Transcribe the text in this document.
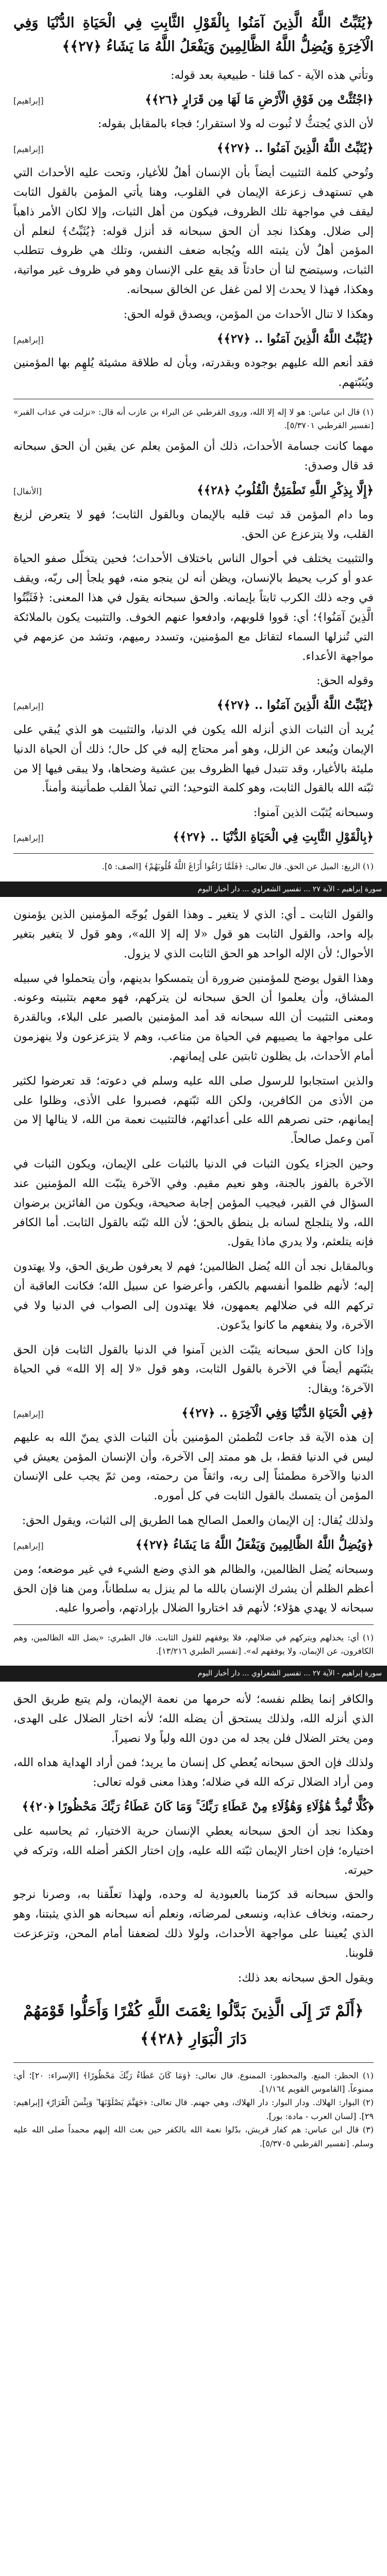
﴿يُثَبِّتُ اللَّهُ الَّذِينَ آمَنُوا بِالْقَوْلِ الثَّابِتِ فِي الْحَيَاةِ الدُّنْيَا وَفِي الْآخِرَةِ وَيُضِلُّ اللَّهُ الظَّالِمِينَ وَيَفْعَلُ اللَّهُ مَا يَشَاءُ ﴿٢٧﴾﴾
وتأتي هذه الآية - كما قلنا - طبيعية بعد قوله:
﴿اجْتُثَّتْ مِن فَوْقِ الْأَرْضِ مَا لَهَا مِن قَرَارٍ ﴿٢٦﴾﴾
[إبراهيم]
لأن الذي يُجتثُّ لا ثُبوت له ولا استقرار؛ فجاء بالمقابل بقوله:
﴿يُثَبِّتُ اللَّهُ الَّذِينَ آمَنُوا .. ﴿٢٧﴾﴾
[إبراهيم]
وتُوحي كلمة التثبيت أيضاً بأن الإنسان أهلٌ للأغيار، وتحت عليه الأحداث التي هي تستهدف زعزعة الإيمان في القلوب، وهنا يأتي المؤمن بالقول الثابت ليقف في مواجهة تلك الظروف، فيكون من أهل الثبات، وإلا لكان الأمر ذاهباً إلى ضلال. وهكذا نجد أن الحق سبحانه قد أنزل قوله: ﴿يُثَبِّتُ﴾ لنعلم أن المؤمن أهلٌ لأن يثبته الله ويُجابه ضعف النفس، وتلك هي ظروف تتطلب الثبات، وسيتضح لنا أن حادثاً قد يقع على الإنسان وهو في ظروف غير مواتية، وهكذا، فهذا لا يحدث إلا لمن غفل عن الخالق سبحانه.
وهكذا لا تنال الأحداث من المؤمن، ويصدق قوله الحق:
﴿يُثَبِّتُ اللَّهُ الَّذِينَ آمَنُوا .. ﴿٢٧﴾﴾
[إبراهيم]
فقد أنعم الله عليهم بوجوده وبقدرته، وبأن له طلاقة مشيئة يُلهِم بها المؤمنين ويُثبّتهم.
(١) قال ابن عباس: هو لا إله إلا الله، وروى القرطبي عن البراء بن عازب أنه قال: «نزلت في عذاب القبر» [تفسير القرطبي ٥/٣٧٠١].
مهما كانت جسامة الأحداث، ذلك أن المؤمن يعلم عن يقين أن الحق سبحانه قد قال وصدق:
﴿إِلَّا بِذِكْرِ اللَّهِ تَطْمَئِنُّ الْقُلُوبُ ﴿٢٨﴾﴾
[الأنفال]
وما دام المؤمن قد ثبت قلبه بالإيمان وبالقول الثابت؛ فهو لا يتعرض لزيغ القلب، ولا يتزعزع عن الحق.
والتثبيت يختلف في أحوال الناس باختلاف الأحداث؛ فحين يتخلّل صفو الحياة عدو أو كرب يحيط بالإنسان، ويظن أنه لن ينجو منه، فهو يلجأ إلى ربّه، ويقف في وجه ذلك الكرب ثابتاً بإيمانه. والحق سبحانه يقول في هذا المعنى: ﴿فَثَبِّتُوا الَّذِينَ آمَنُوا﴾؛ أي: قووا قلوبهم، وادفعوا عنهم الخوف. والتثبيت يكون بالملائكة التي تُنزلها السماء لتقاتل مع المؤمنين، وتسدد رميهم، وتشد من عزمهم في مواجهة الأعداء.
وقوله الحق:
﴿يُثَبِّتُ اللَّهُ الَّذِينَ آمَنُوا .. ﴿٢٧﴾﴾
[إبراهيم]
يُريد أن الثبات الذي أنزله الله يكون في الدنيا، والتثبيت هو الذي يُبقي على الإيمان ويُبعد عن الزلل، وهو أمر محتاج إليه في كل حال؛ ذلك أن الحياة الدنيا مليئة بالأغيار، وقد تتبدل فيها الظروف بين عشية وضحاها، ولا يبقى فيها إلا من ثبّته الله بالقول الثابت، وهو كلمة التوحيد؛ التي تملأ القلب طمأنينة وأمناً.
وسبحانه يُثبّت الذين آمنوا:
﴿بِالْقَوْلِ الثَّابِتِ فِي الْحَيَاةِ الدُّنْيَا .. ﴿٢٧﴾﴾
[إبراهيم]
(١) الزيغ: الميل عن الحق. قال تعالى: ﴿فَلَمَّا زَاغُوا أَزَاغَ اللَّهُ قُلُوبَهُمْ﴾ [الصف: ٥].
سورة إبراهيم - الآية ٢٧ ... تفسير الشعراوي ... دار أخبار اليوم
والقول الثابت ـ أي: الذي لا يتغير ـ وهذا القول يُوجّه المؤمنين الذين يؤمنون بإله واحد، والقول الثابت هو قول «لا إله إلا الله»، وهو قول لا يتغير بتغير الأحوال؛ لأن الإله الواحد هو الحق الثابت الذي لا يزول.
وهذا القول يوضح للمؤمنين ضرورة أن يتمسكوا بدينهم، وأن يتحملوا في سبيله المشاق، وأن يعلموا أن الحق سبحانه لن يتركهم، فهو معهم بتثبيته وعونه. ومعنى التثبيت أن الله سبحانه قد أمد المؤمنين بالصبر على البلاء، وبالقدرة على مواجهة ما يصيبهم في الحياة من متاعب، وهم لا يتزعزعون ولا ينهزمون أمام الأحداث، بل يظلون ثابتين على إيمانهم.
والذين استجابوا للرسول صلى الله عليه وسلم في دعوته؛ قد تعرضوا لكثير من الأذى من الكافرين، ولكن الله ثبّتهم، فصبروا على الأذى، وظلوا على إيمانهم، حتى نصرهم الله على أعدائهم، فالتثبيت نعمة من الله، لا ينالها إلا من آمن وعمل صالحاً.
وحين الجزاء يكون الثبات في الدنيا بالثبات على الإيمان، ويكون الثبات في الآخرة بالفوز بالجنة، وهو نعيم مقيم. وفي الآخرة يثبّت الله المؤمنين عند السؤال في القبر، فيجيب المؤمن إجابة صحيحة، ويكون من الفائزين برضوان الله، ولا يتلجلج لسانه بل ينطق بالحق؛ لأن الله ثبّته بالقول الثابت. أما الكافر فإنه يتلعثم، ولا يدري ماذا يقول.
وبالمقابل نجد أن الله يُضل الظالمين؛ فهم لا يعرفون طريق الحق، ولا يهتدون إليه؛ لأنهم ظلموا أنفسهم بالكفر، وأعرضوا عن سبيل الله؛ فكانت العاقبة أن تركهم الله في ضلالهم يعمهون، فلا يهتدون إلى الصواب في الدنيا ولا في الآخرة، ولا ينفعهم ما كانوا يدّعون.
وإذا كان الحق سبحانه يثبّت الذين آمنوا في الدنيا بالقول الثابت فإن الحق يثبّتهم أيضاً في الآخرة بالقول الثابت، وهو قول «لا إله إلا الله» في الحياة الآخرة؛ ويقال:
﴿فِي الْحَيَاةِ الدُّنْيَا وَفِي الْآخِرَةِ .. ﴿٢٧﴾﴾
[إبراهيم]
إن هذه الآية قد جاءت لتُطمئن المؤمنين بأن الثبات الذي يمنّ الله به عليهم ليس في الدنيا فقط، بل هو ممتد إلى الآخرة، وأن الإنسان المؤمن يعيش في الدنيا والآخرة مطمئناً إلى ربه، واثقاً من رحمته، ومن ثمّ يجب على الإنسان المؤمن أن يتمسك بالقول الثابت في كل أموره.
ولذلك يُقال: إن الإيمان والعمل الصالح هما الطريق إلى الثبات، ويقول الحق:
﴿وَيُضِلُّ اللَّهُ الظَّالِمِينَ وَيَفْعَلُ اللَّهُ مَا يَشَاءُ ﴿٢٧﴾﴾
[إبراهيم]
وسبحانه يُضل الظالمين، والظالم هو الذي وضع الشيء في غير موضعه؛ ومن أعظم الظلم أن يشرك الإنسان بالله ما لم ينزل به سلطاناً، ومن هنا فإن الحق سبحانه لا يهدي هؤلاء؛ لأنهم قد اختاروا الضلال بإرادتهم، وأصروا عليه.
(١) أي: يخذلهم ويتركهم في ضلالهم، فلا يوفقهم للقول الثابت. قال الطبري: «يضل الله الظالمين، وهم الكافرون، عن الإيمان، ولا يوفقهم له». [تفسير الطبري ١٣/٢١٦].
سورة إبراهيم - الآية ٢٧ ... تفسير الشعراوي ... دار أخبار اليوم
والكافر إنما يظلم نفسه؛ لأنه حرمها من نعمة الإيمان، ولم يتبع طريق الحق الذي أنزله الله، ولذلك يستحق أن يضله الله؛ لأنه اختار الضلال على الهدى، ومن يختر الضلال فلن يجد له من دون الله ولياً ولا نصيراً.
ولذلك فإن الحق سبحانه يُعطي كل إنسان ما يريد؛ فمن أراد الهداية هداه الله، ومن أراد الضلال تركه الله في ضلاله؛ وهذا معنى قوله تعالى:
﴿كُلًّا نُّمِدُّ هَٰؤُلَاءِ وَهَٰؤُلَاءِ مِنْ عَطَاءِ رَبِّكَ ۚ وَمَا كَانَ عَطَاءُ رَبِّكَ مَحْظُورًا ﴿٢٠﴾﴾
وهكذا نجد أن الحق سبحانه يعطي الإنسان حرية الاختيار، ثم يحاسبه على اختياره؛ فإن اختار الإيمان ثبّته الله عليه، وإن اختار الكفر أضله الله، وتركه في حيرته.
والحق سبحانه قد كرّمنا بالعبودية له وحده، ولهذا تعلّقنا به، وصرنا نرجو رحمته، ونخاف عذابه، ونسعى لمرضاته، ونعلم أنه سبحانه هو الذي يثبتنا، وهو الذي يُعيننا على مواجهة الأحداث، ولولا ذلك لضعفنا أمام المحن، وتزعزعت قلوبنا.
ويقول الحق سبحانه بعد ذلك:
﴿أَلَمْ تَرَ إِلَى الَّذِينَ بَدَّلُوا نِعْمَتَ اللَّهِ كُفْرًا وَأَحَلُّوا قَوْمَهُمْ دَارَ الْبَوَارِ ﴿٢٨﴾﴾
(١) الحظر: المنع. والمحظور: الممنوع. قال تعالى: ﴿وَمَا كَانَ عَطَاءُ رَبِّكَ مَحْظُورًا﴾ [الإسراء: ٢٠]؛ أي: ممنوعاً. [القاموس القويم ١/١٦٤].
(٢) البوار: الهلاك. ودار البوار: دار الهلاك، وهي جهنم. قال تعالى: ﴿جَهَنَّمَ يَصْلَوْنَهَا ۖ وَبِئْسَ الْقَرَارُ﴾ [إبراهيم: ٢٩]. [لسان العرب - مادة: بور].
(٣) قال ابن عباس: هم كفار قريش، بدّلوا نعمة الله بالكفر حين بعث الله إليهم محمداً صلى الله عليه وسلم. [تفسير القرطبي ٥/٣٧٠٥].
